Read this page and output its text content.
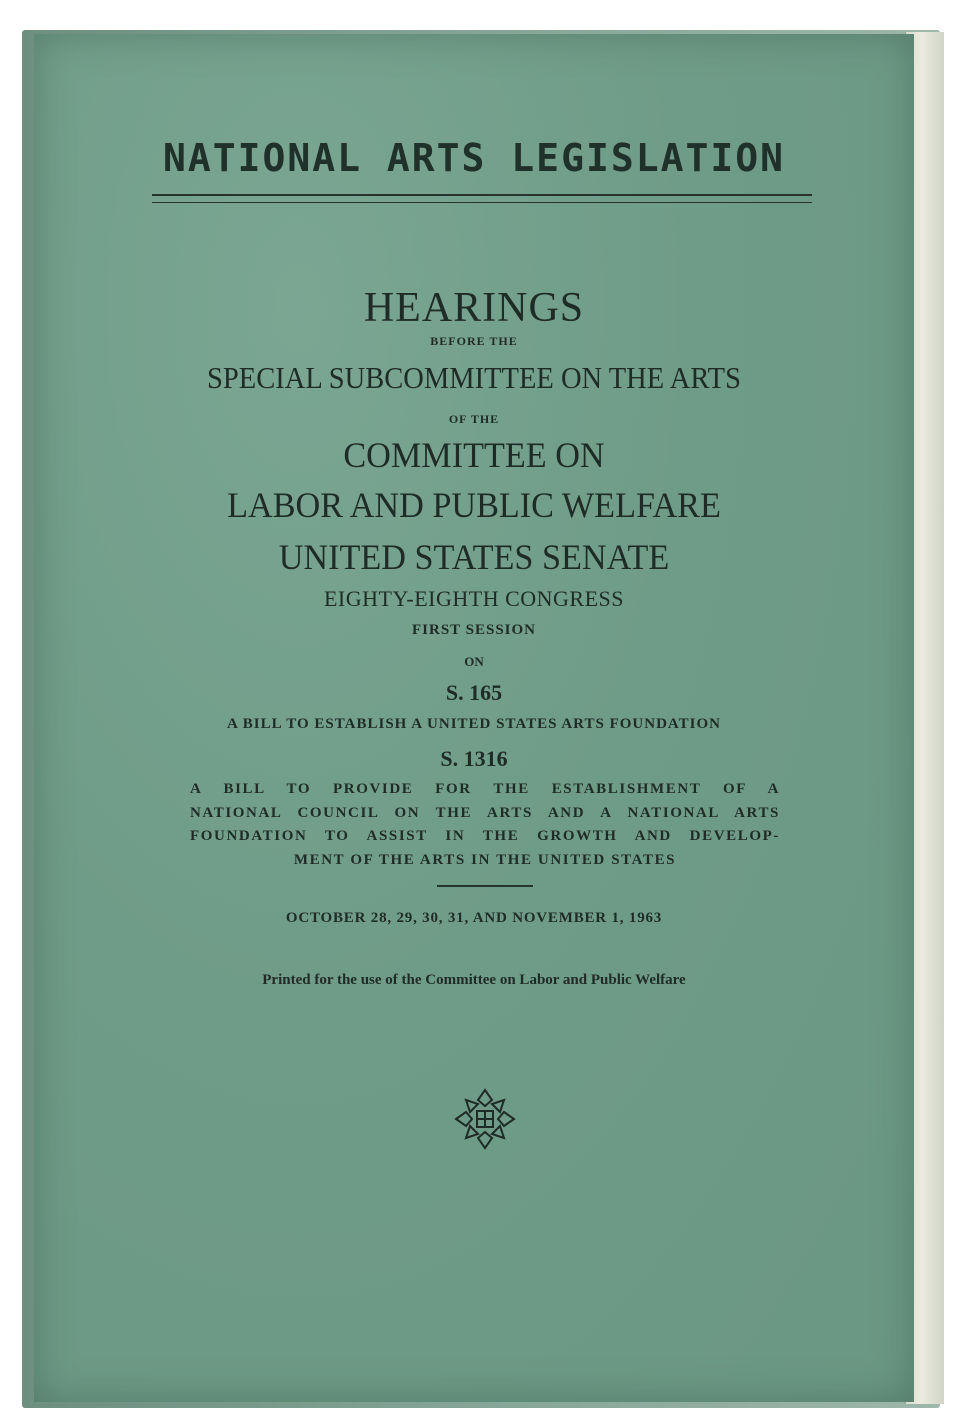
NATIONAL ARTS LEGISLATION
HEARINGS
BEFORE THE
SPECIAL SUBCOMMITTEE ON THE ARTS
OF THE
COMMITTEE ON
LABOR AND PUBLIC WELFARE
UNITED STATES SENATE
EIGHTY-EIGHTH CONGRESS
FIRST SESSION
ON
S. 165
A BILL TO ESTABLISH A UNITED STATES ARTS FOUNDATION
S. 1316
A BILL TO PROVIDE FOR THE ESTABLISHMENT OF A
NATIONAL COUNCIL ON THE ARTS AND A NATIONAL ARTS
FOUNDATION TO ASSIST IN THE GROWTH AND DEVELOP-
MENT OF THE ARTS IN THE UNITED STATES
OCTOBER 28, 29, 30, 31, AND NOVEMBER 1, 1963
Printed for the use of the Committee on Labor and Public Welfare
